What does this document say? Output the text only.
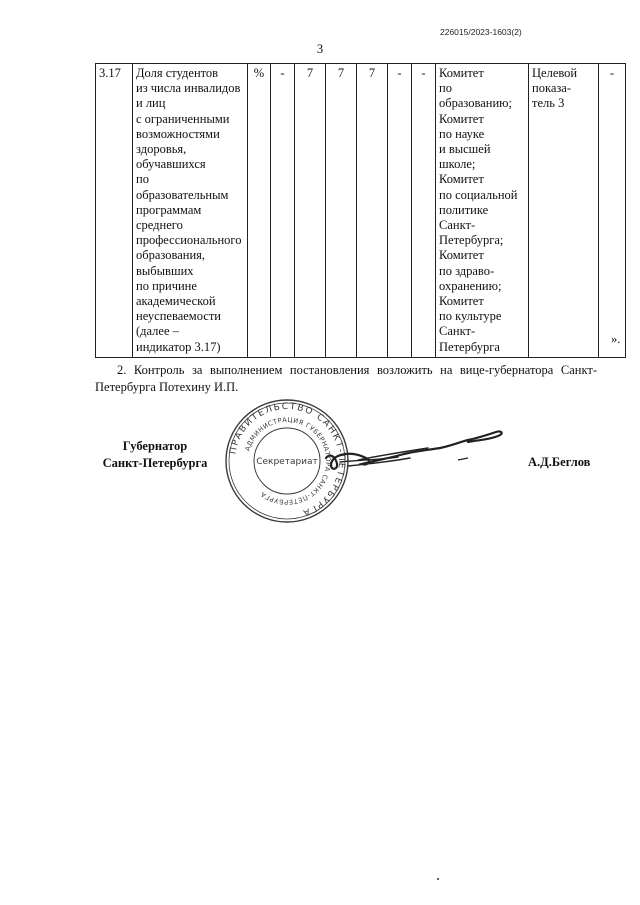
226015/2023-1603(2)
3
3.17	Доля студентов
из числа инвалидов
и лиц
с ограниченными
возможностями
здоровья,
обучавшихся
по образовательным
программам
среднего
профессионального
образования,
выбывших
по причине
академической
неуспеваемости
(далее –
индикатор 3.17)	%	-	7	7	7	-	-	Комитет
по
образованию;
Комитет
по науке
и высшей
школе;
Комитет
по социальной
политике
Санкт-
Петербурга;
Комитет
по здраво-
охранению;
Комитет
по культуре
Санкт-
Петербурга	Целевой
показа-
тель 3	-
».
2. Контроль за выполнением постановления возложить на вице-губернатора Санкт-Петербурга Потехину И.П.
Губернатор
Санкт-Петербурга
ПРАВИТЕЛЬСТВО САНКТ-ПЕТЕРБУРГА
АДМИНИСТРАЦИЯ ГУБЕРНАТОРА САНКТ-ПЕТЕРБУРГА
Секретариат	А.Д.Беглов
